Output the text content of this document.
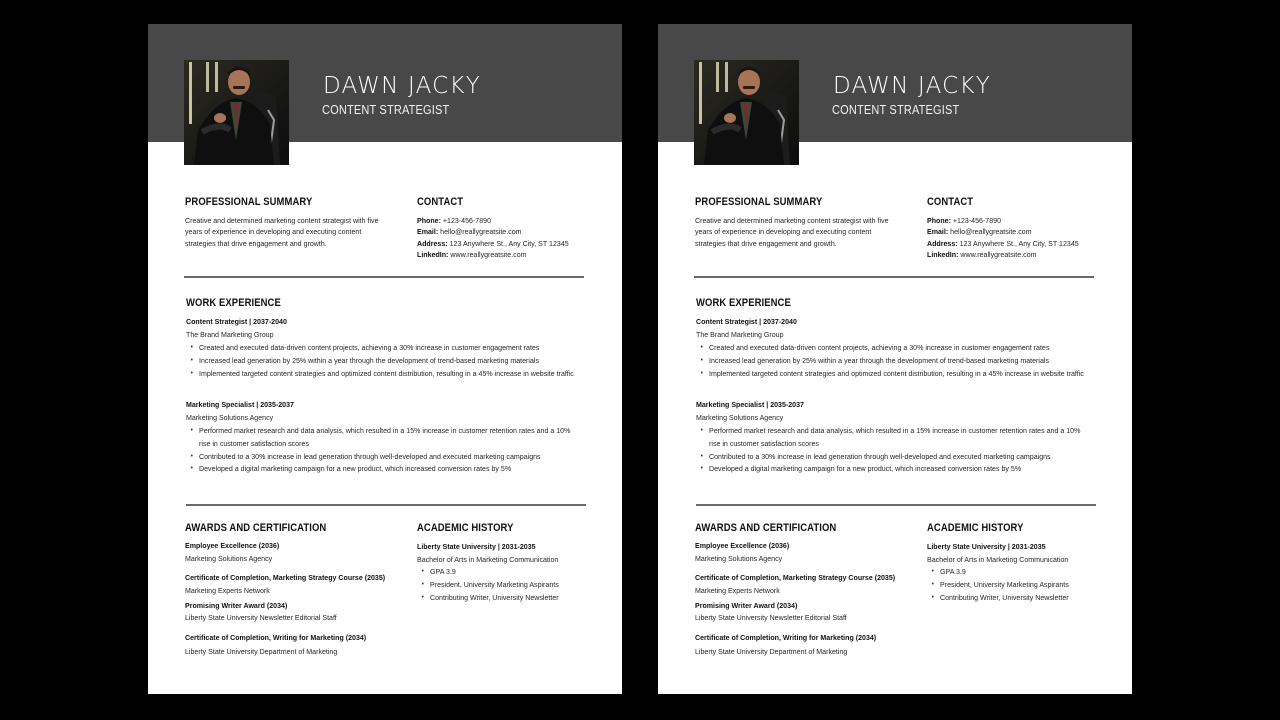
DAWN JACKY
CONTENT STRATEGIST
PROFESSIONAL SUMMARY
Creative and determined marketing content strategist with five
years of experience in developing and executing content
strategies that drive engagement and growth.
CONTACT
Phone: +123-456-7890
Email: hello@reallygreatsite.com
Address: 123 Anywhere St., Any City, ST 12345
LinkedIn: www.reallygreatsite.com
WORK EXPERIENCE
Content Strategist | 2037-2040
The Brand Marketing Group
• Created and executed data-driven content projects, achieving a 30% increase in customer engagement rates
• Increased lead generation by 25% within a year through the development of trend-based marketing materials
• Implemented targeted content strategies and optimized content distribution, resulting in a 45% increase in website traffic
Marketing Specialist | 2035-2037
Marketing Solutions Agency
• Performed market research and data analysis, which resulted in a 15% increase in customer retention rates and a 10% rise in customer satisfaction scores
• Contributed to a 30% increase in lead generation through well-developed and executed marketing campaigns
• Developed a digital marketing campaign for a new product, which increased conversion rates by 5%
AWARDS AND CERTIFICATION
Employee Excellence (2036)
Marketing Solutions Agency
Certificate of Completion, Marketing Strategy Course (2035)
Marketing Experts Network
Promising Writer Award (2034)
Liberty State University Newsletter Editorial Staff
Certificate of Completion, Writing for Marketing (2034)
Liberty State University Department of Marketing
ACADEMIC HISTORY
Liberty State University | 2031-2035
Bachelor of Arts in Marketing Communication
• GPA 3.9
• President, University Marketing Aspirants
• Contributing Writer, University Newsletter
DAWN JACKY
CONTENT STRATEGIST
PROFESSIONAL SUMMARY
Creative and determined marketing content strategist with five
years of experience in developing and executing content
strategies that drive engagement and growth.
CONTACT
Phone: +123-456-7890
Email: hello@reallygreatsite.com
Address: 123 Anywhere St., Any City, ST 12345
LinkedIn: www.reallygreatsite.com
WORK EXPERIENCE
Content Strategist | 2037-2040
The Brand Marketing Group
• Created and executed data-driven content projects, achieving a 30% increase in customer engagement rates
• Increased lead generation by 25% within a year through the development of trend-based marketing materials
• Implemented targeted content strategies and optimized content distribution, resulting in a 45% increase in website traffic
Marketing Specialist | 2035-2037
Marketing Solutions Agency
• Performed market research and data analysis, which resulted in a 15% increase in customer retention rates and a 10% rise in customer satisfaction scores
• Contributed to a 30% increase in lead generation through well-developed and executed marketing campaigns
• Developed a digital marketing campaign for a new product, which increased conversion rates by 5%
AWARDS AND CERTIFICATION
Employee Excellence (2036)
Marketing Solutions Agency
Certificate of Completion, Marketing Strategy Course (2035)
Marketing Experts Network
Promising Writer Award (2034)
Liberty State University Newsletter Editorial Staff
Certificate of Completion, Writing for Marketing (2034)
Liberty State University Department of Marketing
ACADEMIC HISTORY
Liberty State University | 2031-2035
Bachelor of Arts in Marketing Communication
• GPA 3.9
• President, University Marketing Aspirants
• Contributing Writer, University Newsletter
